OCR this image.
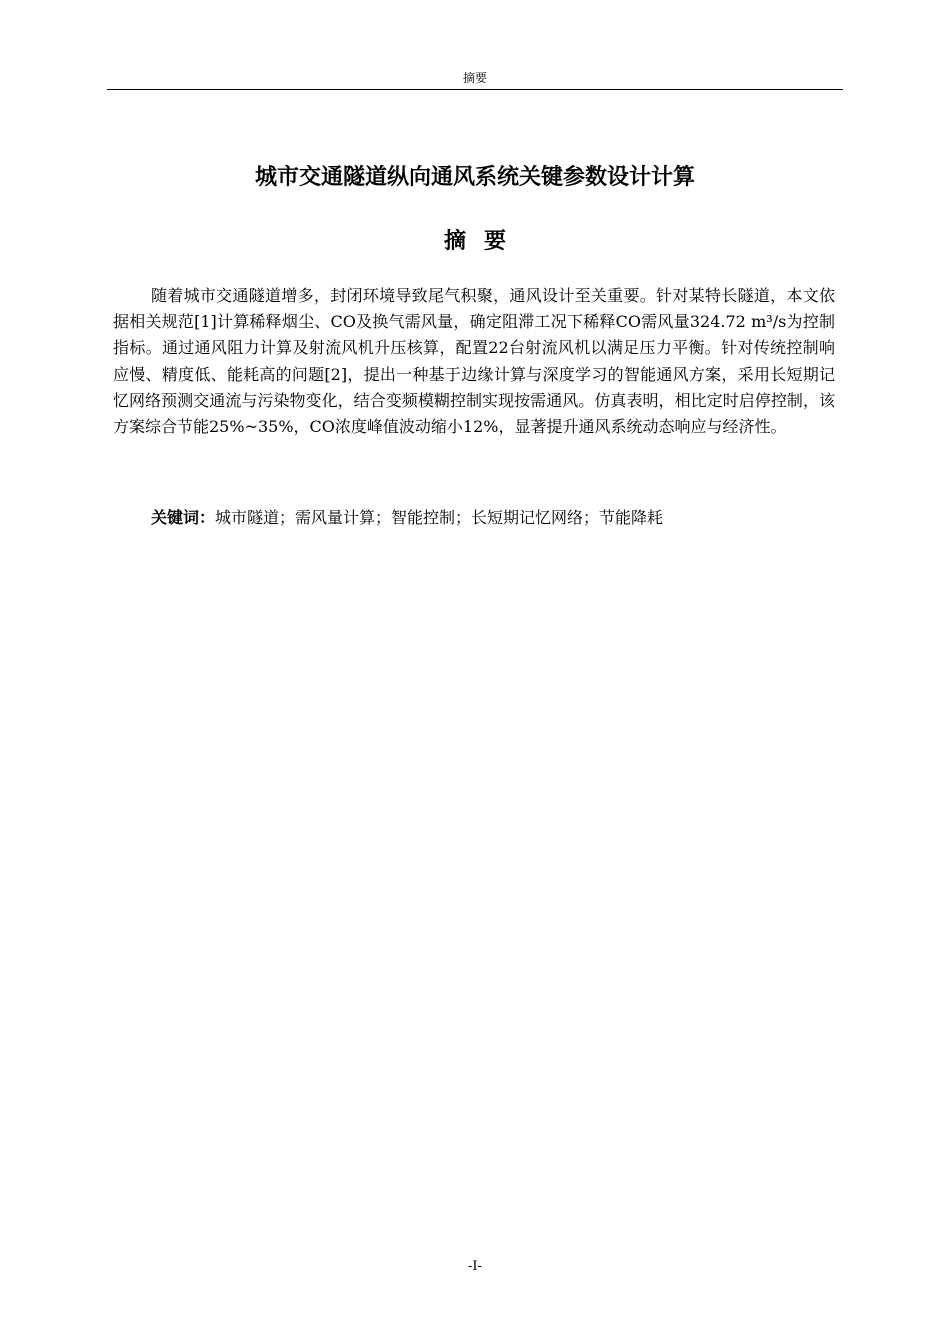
摘要
城市交通隧道纵向通风系统关键参数设计计算
摘要

随着城市交通隧道增多，封闭环境导致尾气积聚，通风设计至关重要。针对某特长隧道，本文依据相关规范[1]计算稀释烟尘、CO及换气需风量，确定阻滞工况下稀释CO需风量324.72 m³/s为控制指标。通过通风阻力计算及射流风机升压核算，配置22台射流风机以满足压力平衡。针对传统控制响应慢、精度低、能耗高的问题[2]，提出一种基于边缘计算与深度学习的智能通风方案，采用长短期记忆网络预测交通流与污染物变化，结合变频模糊控制实现按需通风。仿真表明，相比定时启停控制，该方案综合节能25%~35%，CO浓度峰值波动缩小12%，显著提升通风系统动态响应与经济性。

关键词：城市隧道；需风量计算；智能控制；长短期记忆网络；节能降耗

-I-
